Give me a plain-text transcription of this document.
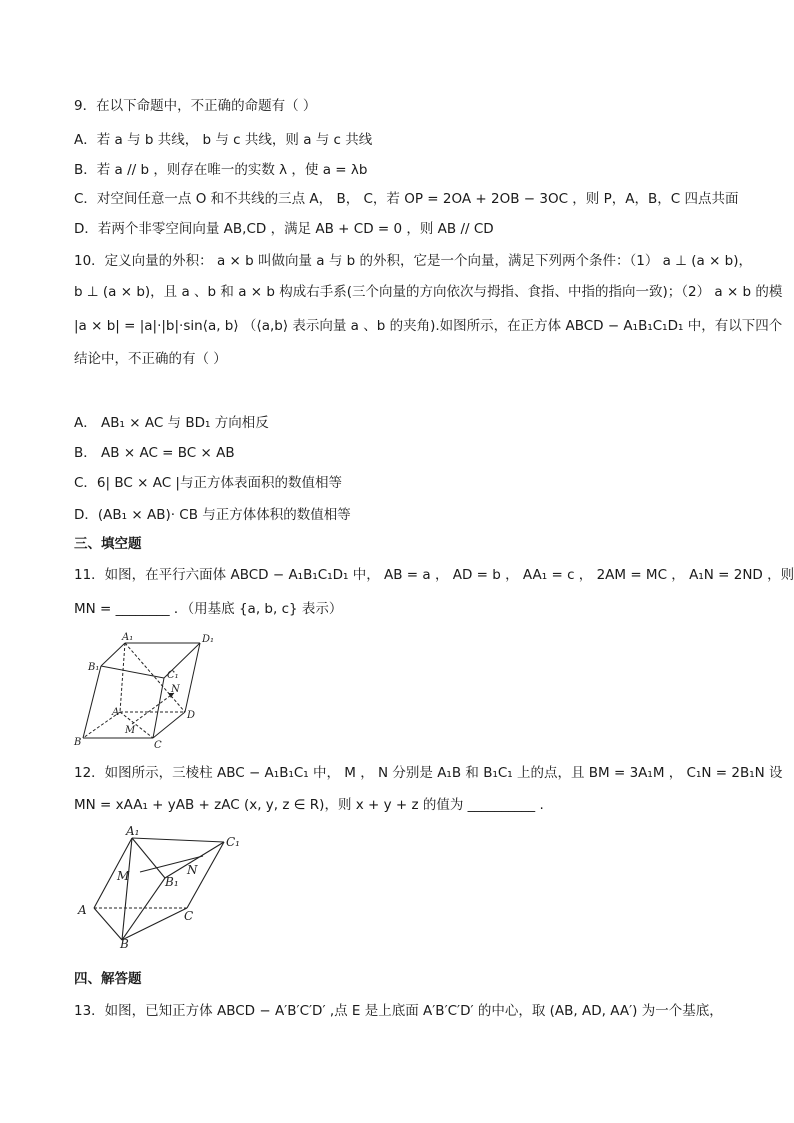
9．在以下命题中，不正确的命题有（ ）
A．若 a 与 b 共线， b 与 c 共线，则 a 与 c 共线
B．若 a // b ，则存在唯一的实数 λ ，使 a = λb
C．对空间任意一点 O 和不共线的三点 A， B， C，若 OP = 2OA + 2OB − 3OC ，则 P，A，B，C 四点共面
D．若两个非零空间向量 AB,CD ，满足 AB + CD = 0 ，则 AB // CD
10．定义向量的外积： a × b 叫做向量 a 与 b 的外积，它是一个向量，满足下列两个条件：（1） a ⊥ (a × b)，
b ⊥ (a × b)，且 a 、b 和 a × b 构成右手系(三个向量的方向依次与拇指、食指、中指的指向一致)；（2） a × b 的模
|a × b| = |a|·|b|·sin⟨a, b⟩ （⟨a,b⟩ 表示向量 a 、b 的夹角).如图所示，在正方体 ABCD − A₁B₁C₁D₁ 中，有以下四个
结论中，不正确的有（ ）
A． AB₁ × AC 与 BD₁ 方向相反
B． AB × AC = BC × AB
C．6| BC × AC |与正方体表面积的数值相等
D．(AB₁ × AB)· CB 与正方体体积的数值相等
三、填空题
11．如图，在平行六面体 ABCD − A₁B₁C₁D₁ 中， AB = a ， AD = b ， AA₁ = c ， 2AM = MC ， A₁N = 2ND ，则
MN = ________ ．（用基底 {a, b, c} 表示）
A₁	D₁
B₁
C₁
N
A
M
D
B	C
12．如图所示，三棱柱 ABC − A₁B₁C₁ 中， M ， N 分别是 A₁B 和 B₁C₁ 上的点，且 BM = 3A₁M ， C₁N = 2B₁N 设
MN = xAA₁ + yAB + zAC (x, y, z ∈ R)，则 x + y + z 的值为 __________ .
A₁
C₁
N
M	B₁
A	C
B
四、解答题
13．如图，已知正方体 ABCD − A′B′C′D′ ,点 E 是上底面 A′B′C′D′ 的中心，取 (AB, AD, AA′) 为一个基底，
